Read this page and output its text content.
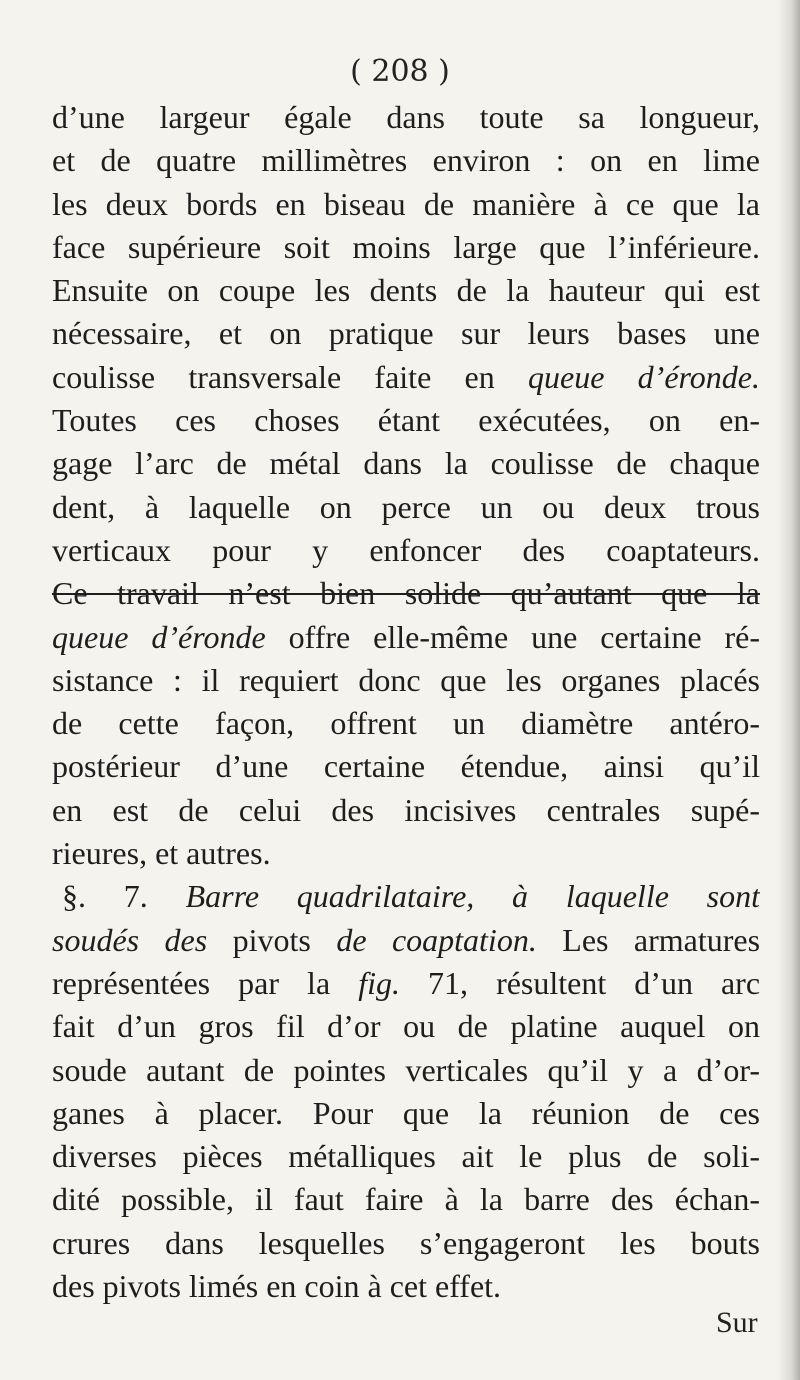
( 208 )
d’une largeur égale dans toute sa longueur,
et de quatre millimètres environ : on en lime
les deux bords en biseau de manière à ce que la
face supérieure soit moins large que l’inférieure.
Ensuite on coupe les dents de la hauteur qui est
nécessaire, et on pratique sur leurs bases une
coulisse transversale faite en queue d’éronde.
Toutes ces choses étant exécutées, on en-
gage l’arc de métal dans la coulisse de chaque
dent, à laquelle on perce un ou deux trous
verticaux pour y enfoncer des coaptateurs.
Ce travail n’est bien solide qu’autant que la
queue d’éronde offre elle-même une certaine ré-
sistance : il requiert donc que les organes placés
de cette façon, offrent un diamètre antéro-
postérieur d’une certaine étendue, ainsi qu’il
en est de celui des incisives centrales supé-
rieures, et autres.
§. 7. Barre quadrilataire, à laquelle sont
soudés des pivots de coaptation. Les armatures
représentées par la fig. 71, résultent d’un arc
fait d’un gros fil d’or ou de platine auquel on
soude autant de pointes verticales qu’il y a d’or-
ganes à placer. Pour que la réunion de ces
diverses pièces métalliques ait le plus de soli-
dité possible, il faut faire à la barre des échan-
crures dans lesquelles s’engageront les bouts
des pivots limés en coin à cet effet.
Sur
